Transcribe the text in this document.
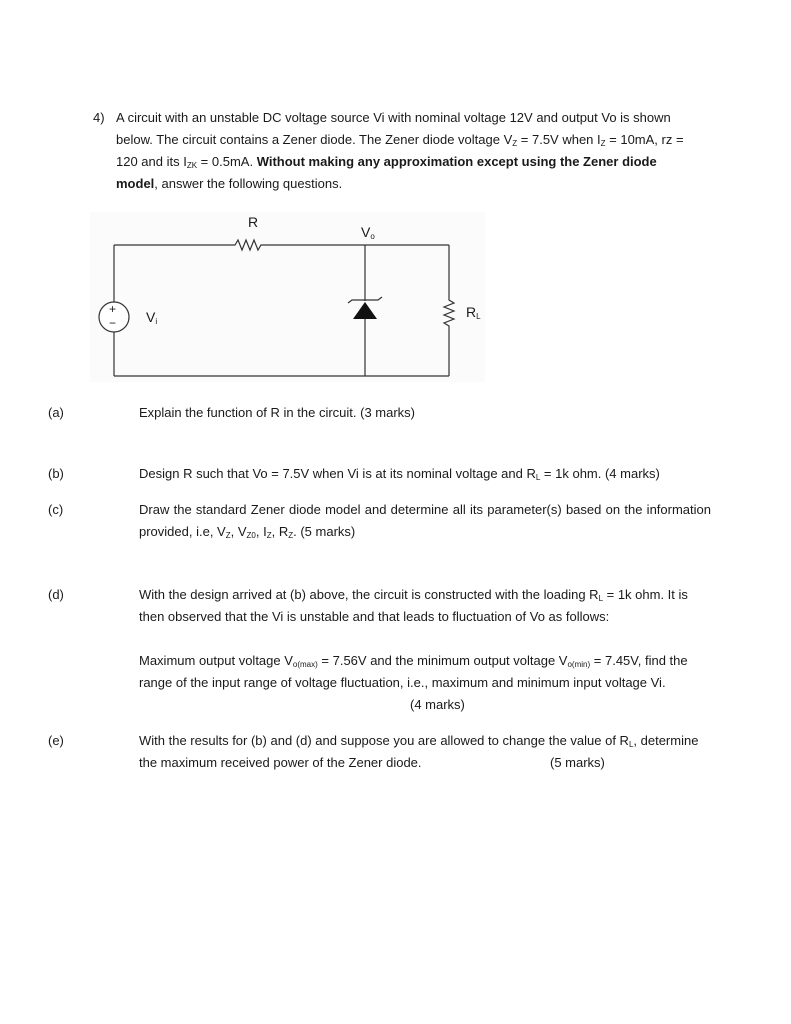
4) A circuit with an unstable DC voltage source Vi with nominal voltage 12V and output Vo is shown below. The circuit contains a Zener diode. The Zener diode voltage $V_Z = 7.5V$ when $I_Z = 10mA$, rz = 120 and its $I_{ZK} = 0.5mA$. Without making any approximation except using the Zener diode model, answer the following questions.
R
$V_o$
$V_i$
$R_L$
+
−
(a)	Explain the function of R in the circuit. (3 marks)
(b)	Design R such that Vo = 7.5V when Vi is at its nominal voltage and $R_L = 1k$ ohm. (4 marks)
(c)	Draw the standard Zener diode model and determine all its parameter(s) based on the information provided, i.e, $V_Z$, $V_{Z0}$, $I_Z$, $R_Z$. (5 marks)
(d)	With the design arrived at (b) above, the circuit is constructed with the loading $R_L = 1k$ ohm. It is then observed that the Vi is unstable and that leads to fluctuation of Vo as follows:
Maximum output voltage $V_{o(max)} = 7.56V$ and the minimum output voltage $V_{o(min)} = 7.45V$, find the range of the input range of voltage fluctuation, i.e., maximum and minimum input voltage Vi.
(4 marks)
(e)	With the results for (b) and (d) and suppose you are allowed to change the value of $R_L$, determine the maximum received power of the Zener diode.	(5 marks)
